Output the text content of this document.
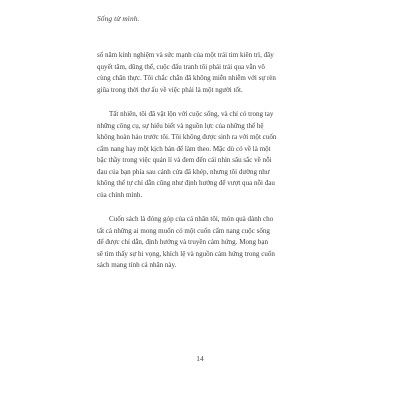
Sống tử mình.

số năm kinh nghiệm và sức mạnh của một trái tim kiên trì, đây
quyết tâm, dũng thể, cuộc đấu tranh tôi phải trải qua vẫn vô
cùng chân thực. Tôi chắc chắn đã không miễn nhiễm với sự rèn
giũa trong thời thơ ấu về việc phải là một người tốt.

Tất nhiên, tôi đã vật lộn với cuộc sống, và chỉ có trong tay
những công cụ, sự hiểu biết và nguồn lực của những thế hệ
không hoàn hảo trước tôi. Tôi không được sinh ra với một cuốn
cẩm nang hay một kịch bản để làm theo. Mặc dù có về là một
bậc thầy trong việc quản lí và đem đến cái nhìn sâu sắc về nỗi
đau của bạn phía sau cánh cửa đã khép, nhưng tôi dường như
không thể tự chỉ dẫn cũng như định hướng để vượt qua nỗi đau
của chính mình.

Cuốn sách là đóng góp của cá nhân tôi, món quà dành cho
tất cả những ai mong muốn có một cuốn cẩm nang cuộc sống
để được chỉ dẫn, định hướng và truyền cảm hứng. Mong bạn
sẽ tìm thấy sự hi vọng, khích lệ và nguồn cảm hứng trong cuốn
sách mang tính cá nhân này.

14
